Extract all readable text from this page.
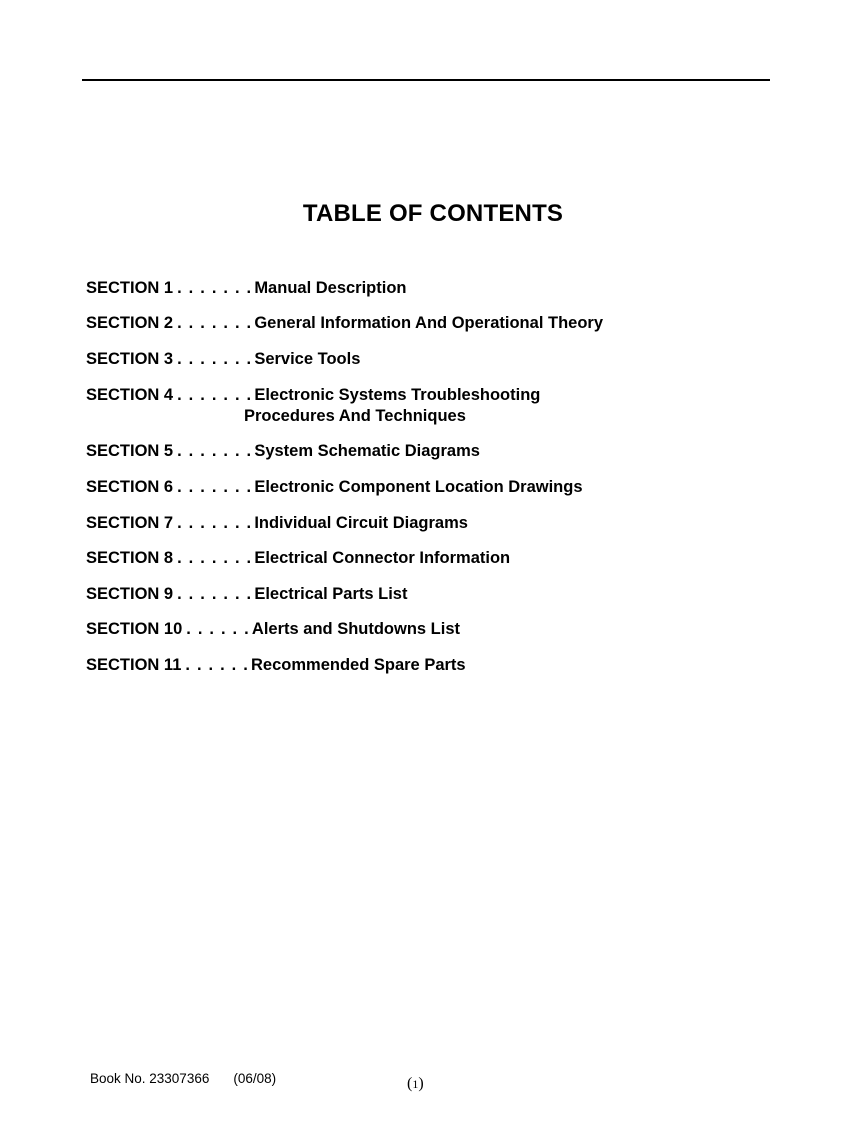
TABLE OF CONTENTS
SECTION 1 . . . . . . . Manual Description
SECTION 2 . . . . . . . General Information And Operational Theory
SECTION 3 . . . . . . . Service Tools
SECTION 4 . . . . . . . Electronic Systems Troubleshooting
Procedures And Techniques
SECTION 5 . . . . . . . System Schematic Diagrams
SECTION 6 . . . . . . . Electronic Component Location Drawings
SECTION 7 . . . . . . . Individual Circuit Diagrams
SECTION 8 . . . . . . . Electrical Connector Information
SECTION 9 . . . . . . . Electrical Parts List
SECTION 10 . . . . . . Alerts and Shutdowns List
SECTION 11 . . . . . . Recommended Spare Parts
Book No. 23307366 (06/08)	(1)
